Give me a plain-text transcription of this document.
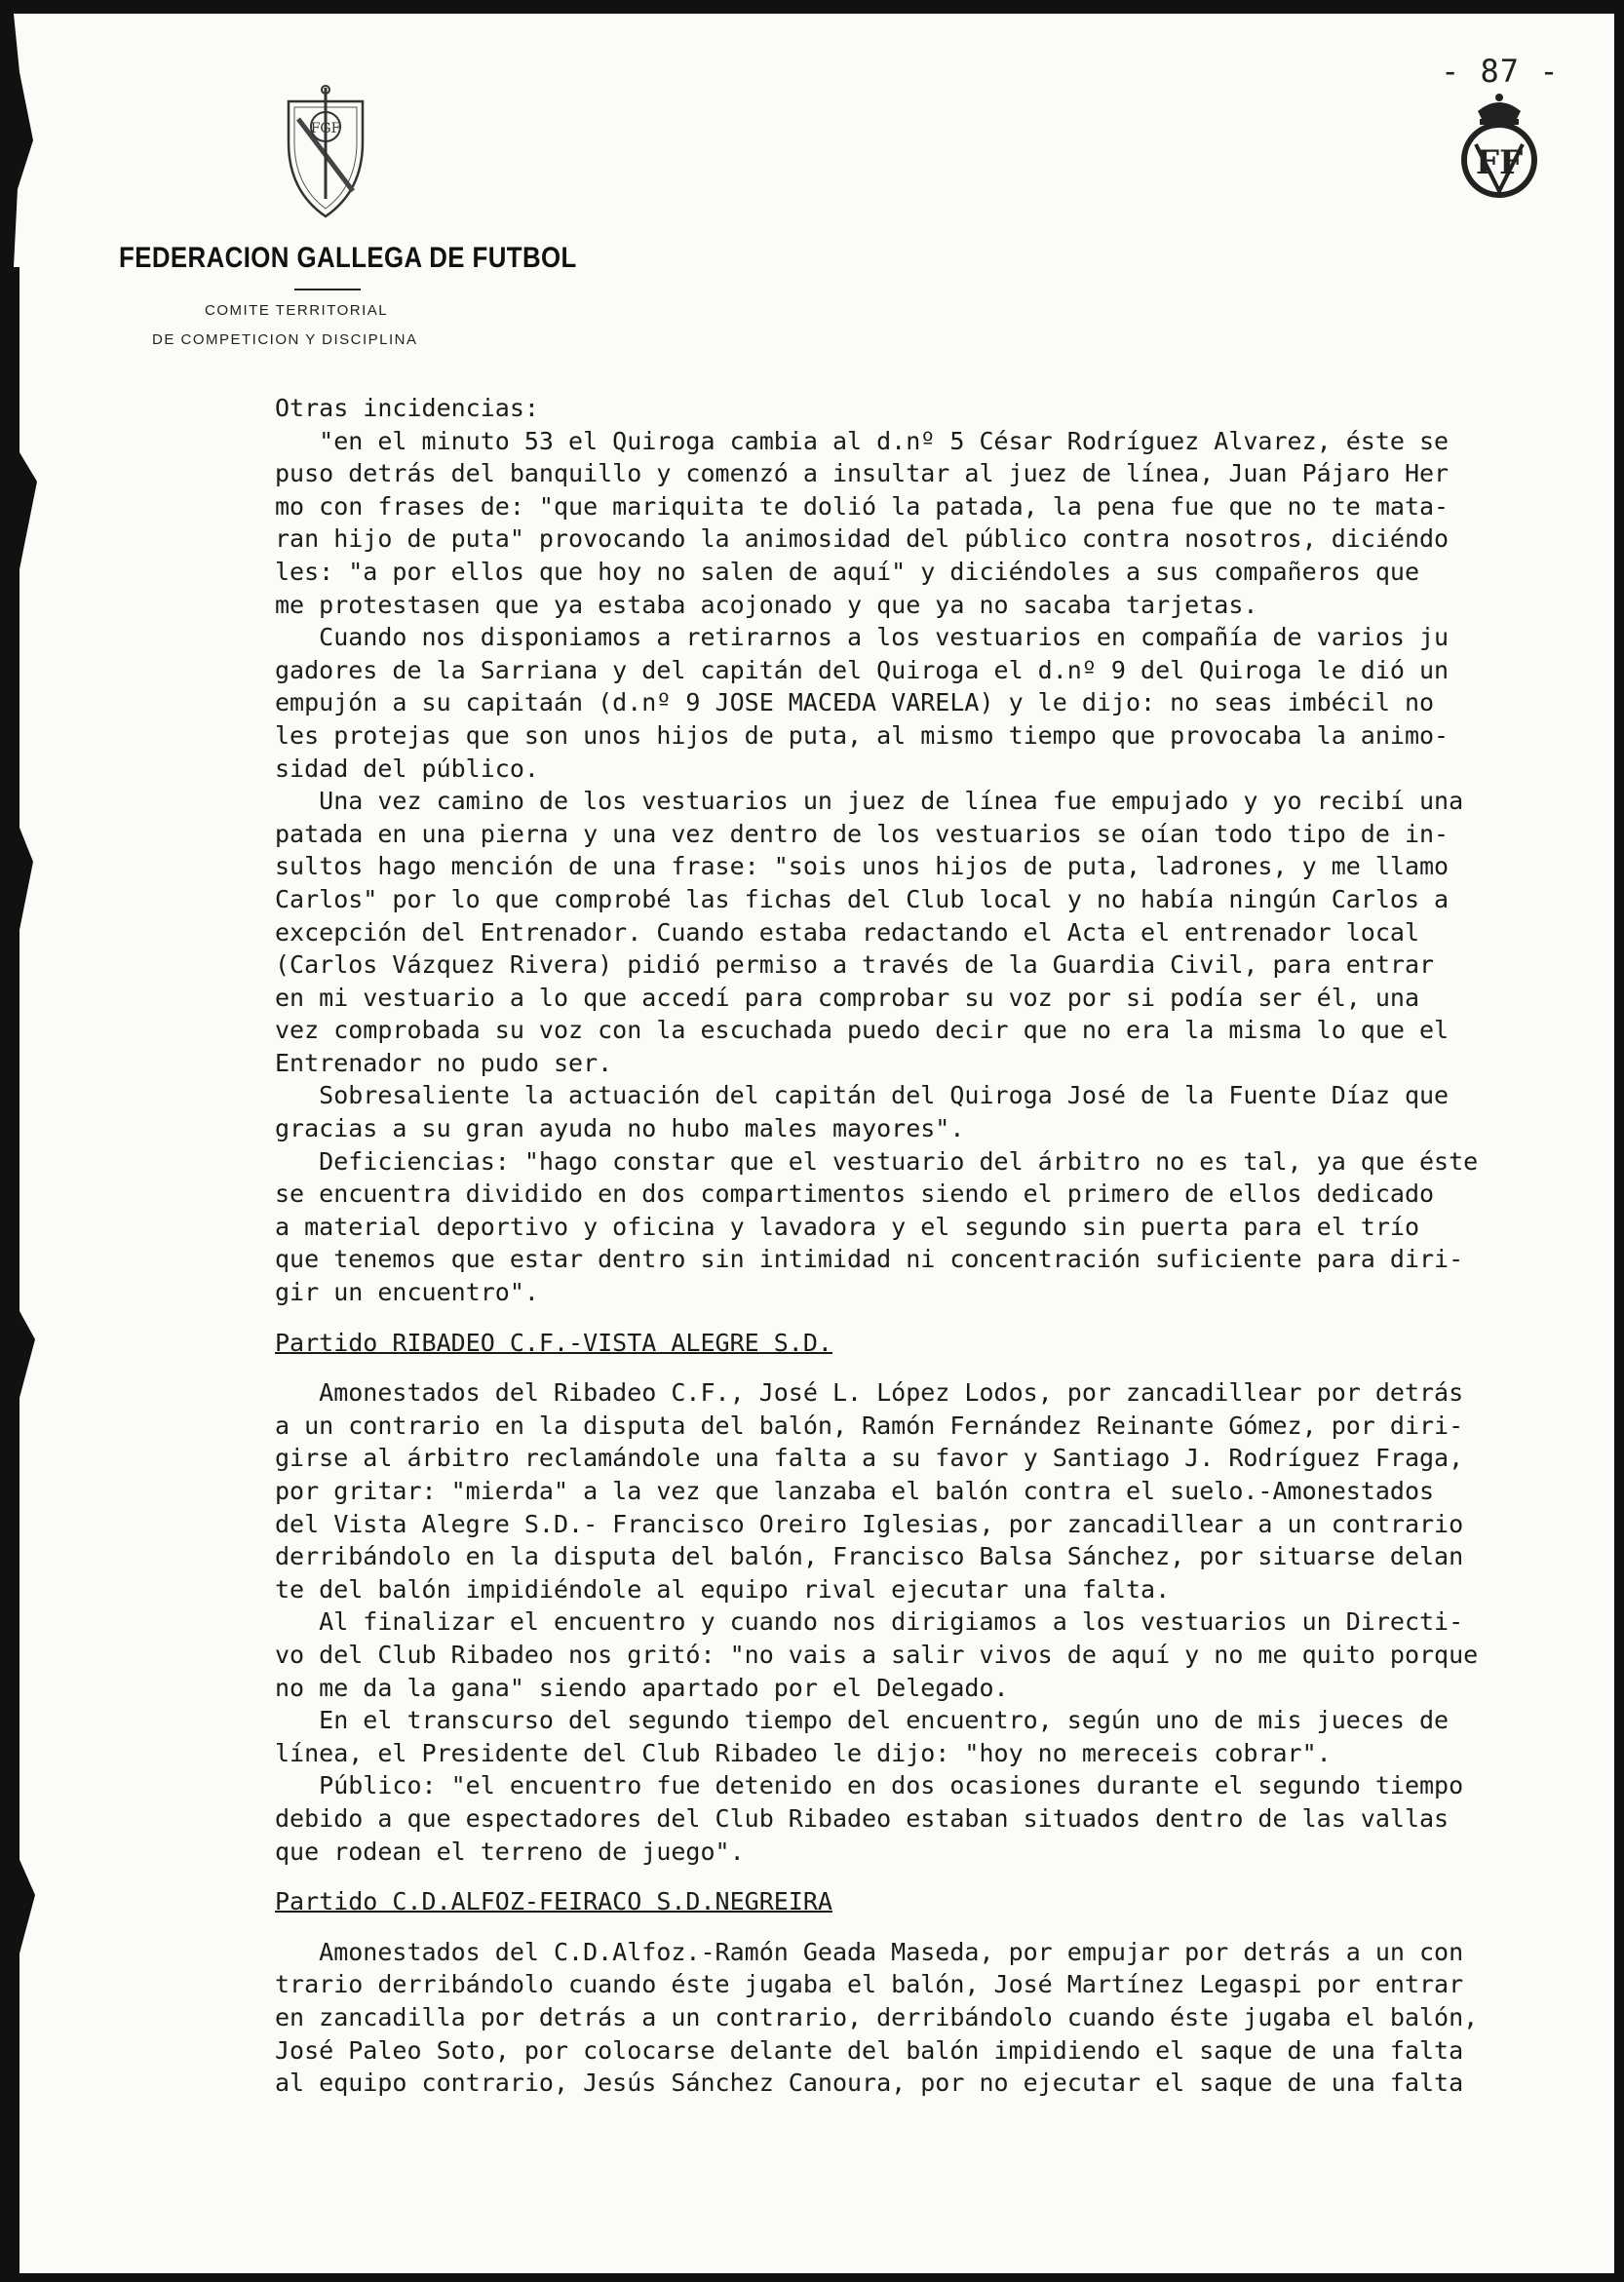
- 87 -
FGF
FF
FEDERACION GALLEGA DE FUTBOL
COMITE TERRITORIAL
DE COMPETICION Y DISCIPLINA
Otras incidencias:
"en el minuto 53 el Quiroga cambia al d.nº 5 César Rodríguez Alvarez, éste se
puso detrás del banquillo y comenzó a insultar al juez de línea, Juan Pájaro Her
mo con frases de: "que mariquita te dolió la patada, la pena fue que no te mata-
ran hijo de puta" provocando la animosidad del público contra nosotros, diciéndo
les: "a por ellos que hoy no salen de aquí" y diciéndoles a sus compañeros que
me protestasen que ya estaba acojonado y que ya no sacaba tarjetas.
Cuando nos disponiamos a retirarnos a los vestuarios en compañía de varios ju
gadores de la Sarriana y del capitán del Quiroga el d.nº 9 del Quiroga le dió un
empujón a su capitaán (d.nº 9 JOSE MACEDA VARELA) y le dijo: no seas imbécil no
les protejas que son unos hijos de puta, al mismo tiempo que provocaba la animo-
sidad del público.
Una vez camino de los vestuarios un juez de línea fue empujado y yo recibí una
patada en una pierna y una vez dentro de los vestuarios se oían todo tipo de in-
sultos hago mención de una frase: "sois unos hijos de puta, ladrones, y me llamo
Carlos" por lo que comprobé las fichas del Club local y no había ningún Carlos a
excepción del Entrenador. Cuando estaba redactando el Acta el entrenador local
(Carlos Vázquez Rivera) pidió permiso a través de la Guardia Civil, para entrar
en mi vestuario a lo que accedí para comprobar su voz por si podía ser él, una
vez comprobada su voz con la escuchada puedo decir que no era la misma lo que el
Entrenador no pudo ser.
Sobresaliente la actuación del capitán del Quiroga José de la Fuente Díaz que
gracias a su gran ayuda no hubo males mayores".
Deficiencias: "hago constar que el vestuario del árbitro no es tal, ya que éste
se encuentra dividido en dos compartimentos siendo el primero de ellos dedicado
a material deportivo y oficina y lavadora y el segundo sin puerta para el trío
que tenemos que estar dentro sin intimidad ni concentración suficiente para diri-
gir un encuentro".
Partido RIBADEO C.F.-VISTA ALEGRE S.D.
Amonestados del Ribadeo C.F., José L. López Lodos, por zancadillear por detrás
a un contrario en la disputa del balón, Ramón Fernández Reinante Gómez, por diri-
girse al árbitro reclamándole una falta a su favor y Santiago J. Rodríguez Fraga,
por gritar: "mierda" a la vez que lanzaba el balón contra el suelo.-Amonestados
del Vista Alegre S.D.- Francisco Oreiro Iglesias, por zancadillear a un contrario
derribándolo en la disputa del balón, Francisco Balsa Sánchez, por situarse delan
te del balón impidiéndole al equipo rival ejecutar una falta.
Al finalizar el encuentro y cuando nos dirigiamos a los vestuarios un Directi-
vo del Club Ribadeo nos gritó: "no vais a salir vivos de aquí y no me quito porque
no me da la gana" siendo apartado por el Delegado.
En el transcurso del segundo tiempo del encuentro, según uno de mis jueces de
línea, el Presidente del Club Ribadeo le dijo: "hoy no mereceis cobrar".
Público: "el encuentro fue detenido en dos ocasiones durante el segundo tiempo
debido a que espectadores del Club Ribadeo estaban situados dentro de las vallas
que rodean el terreno de juego".
Partido C.D.ALFOZ-FEIRACO S.D.NEGREIRA
Amonestados del C.D.Alfoz.-Ramón Geada Maseda, por empujar por detrás a un con
trario derribándolo cuando éste jugaba el balón, José Martínez Legaspi por entrar
en zancadilla por detrás a un contrario, derribándolo cuando éste jugaba el balón,
José Paleo Soto, por colocarse delante del balón impidiendo el saque de una falta
al equipo contrario, Jesús Sánchez Canoura, por no ejecutar el saque de una falta
